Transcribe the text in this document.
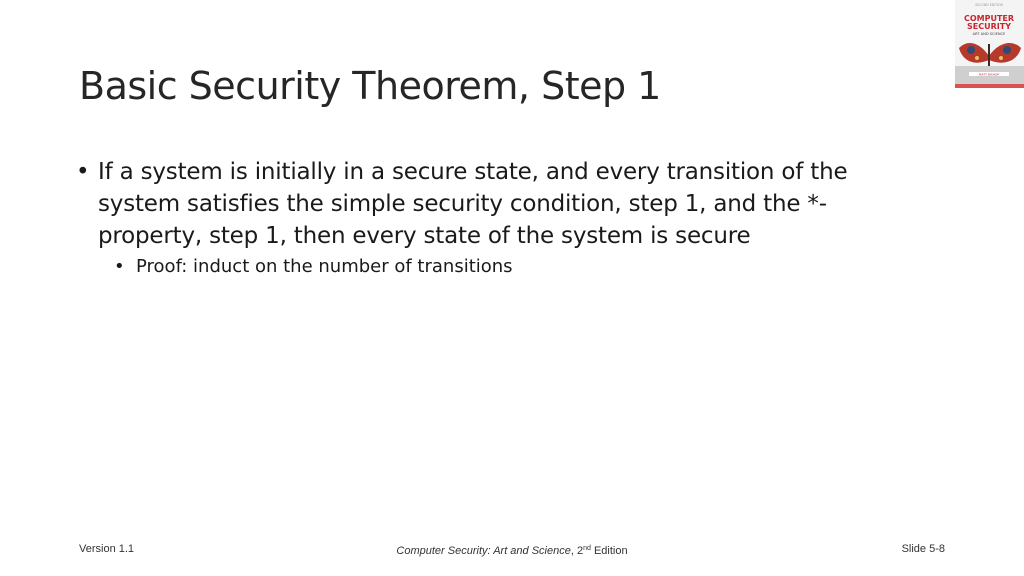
Basic Security Theorem, Step 1
SECOND EDITION
COMPUTER
SECURITY
ART AND SCIENCE
MATT BISHOP
• If a system is initially in a secure state, and every transition of the system satisfies the simple security condition, step 1, and the *-property, step 1, then every state of the system is secure
• Proof: induct on the number of transitions
Version 1.1	Computer Security: Art and Science, 2nd Edition	Slide 5-8
